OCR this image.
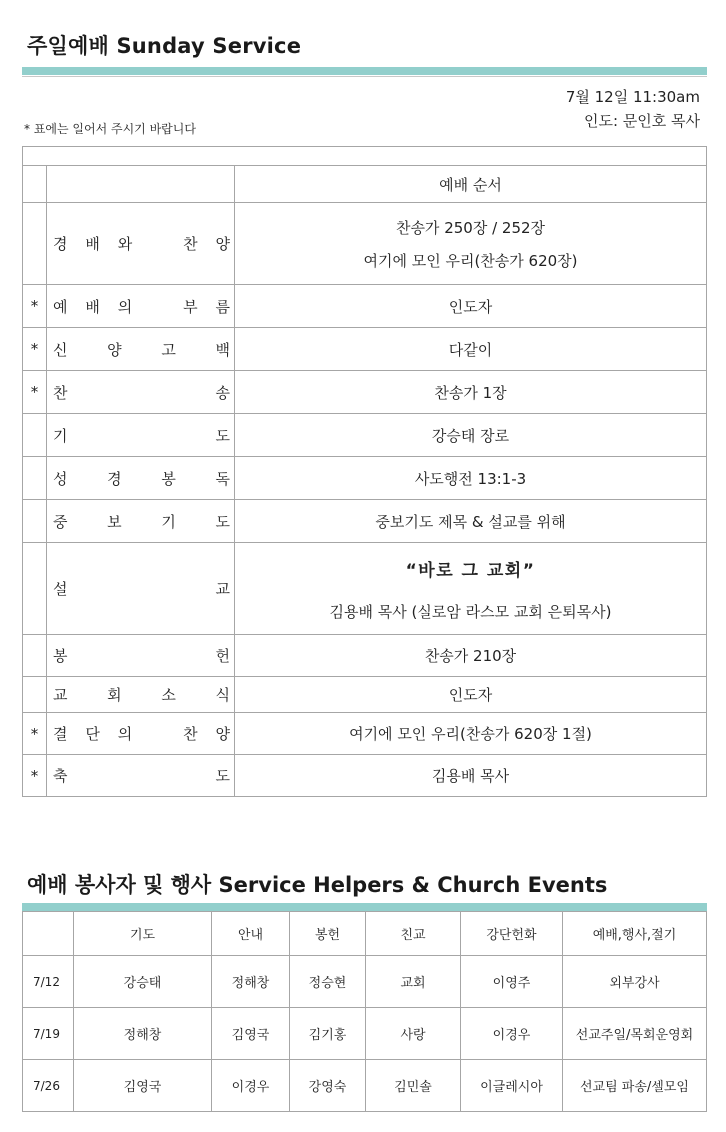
주일예배 Sunday Service
7월 12일 11:30am
인도: 문인호 목사
* 표에는 일어서 주시기 바랍니다

		예배 순서

	경 배 와 찬 양	찬송가 250장 / 252장
여기에 모인 우리(찬송가 620장)

*	예 배 의 부 름	인도자
*	신 양 고 백	다같이
*	찬 송	찬송가 1장

	기 도	강승태 장로

	성 경 봉 독	사도행전 13:1-3

	중 보 기 도	중보기도 제목 & 설교를 위해

	설 교	“바로 그 교회”
김용배 목사 (실로암 라스모 교회 은퇴목사)

	봉 헌	찬송가 210장

	교 회 소 식	인도자
*	결 단 의 찬 양	여기에 모인 우리(찬송가 620장 1절)
*	축 도	김용배 목사
예배 봉사자 및 행사 Service Helpers & Church Events
	기도	안내	봉헌	친교	강단헌화	예배,행사,절기
7/12	강승태	정해창	정승현	교회	이영주	외부강사
7/19	정해창	김영국	김기홍	사랑	이경우	선교주일/목회운영회
7/26	김영국	이경우	강영숙	김민솔	이글레시아	선교팀 파송/셀모임
